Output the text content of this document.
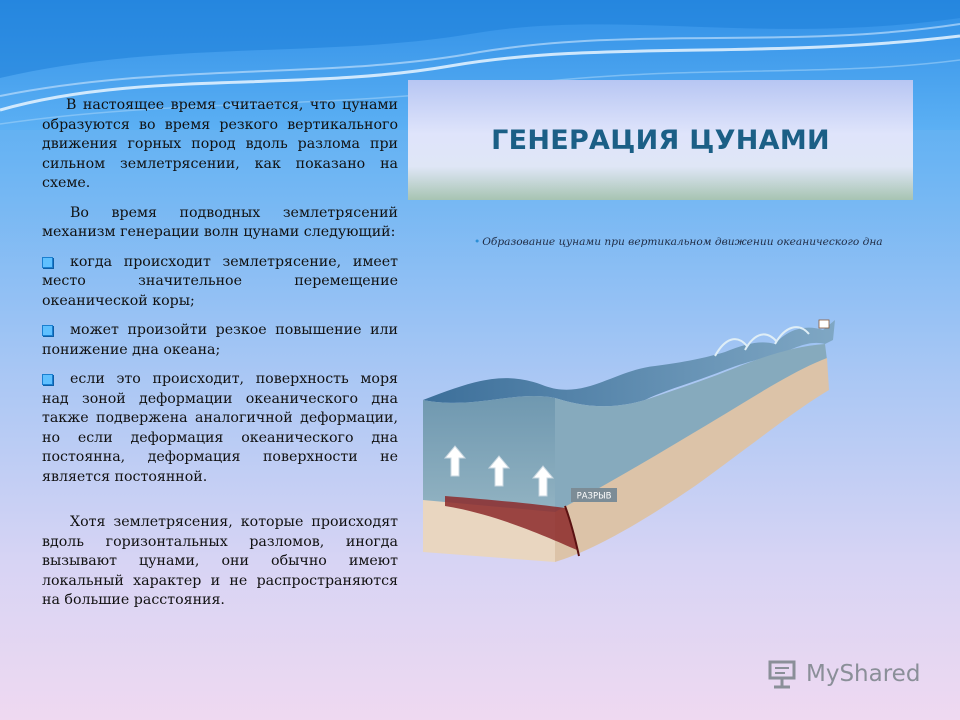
В настоящее время считается, что цунами образуются во время резкого вертикального движения горных пород вдоль разлома при сильном землетрясении, как показано на схеме.

Во время подводных землетрясений механизм генерации волн цунами следующий:

когда происходит землетрясение, имеет место значительное перемещение океанической коры;
может произойти резкое повышение или понижение дна океана;
если это происходит, поверхность моря над зоной деформации океанического дна также подвержена аналогичной деформации, но если деформация океанического дна постоянна, деформация поверхности не является постоянной.

Хотя землетрясения, которые происходят вдоль горизонтальных разломов, иногда вызывают цунами, они обычно имеют локальный характер и не распространяются на большие расстояния.

ГЕНЕРАЦИЯ ЦУНАМИ
• Образование цунами при вертикальном движении океанического дна
РАЗРЫВ
MyShared
